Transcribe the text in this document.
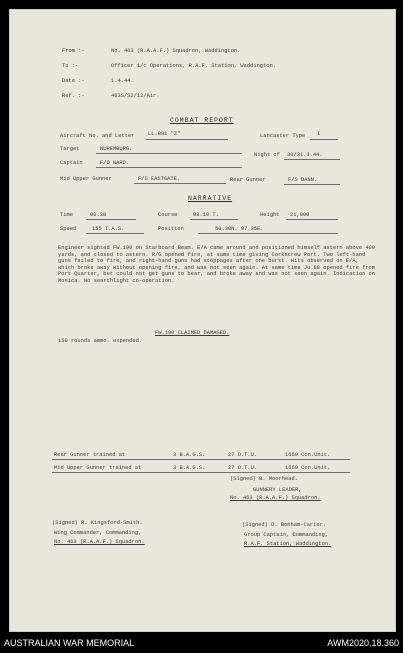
From :-	No. 463 (R.A.A.F.) Squadron, Waddington.
To :-	Officer i/c Operations, R.A.F. Station, Waddington.
Date :-	1.4.44.
Ref. :-	463S/S2/12/Air.
COMBAT REPORT
Aircraft No. and Letter	LL.881 "Z"	Lancaster Type I
Target	NUREMBURG.
Night of 30/31.3.44.
Captain	F/O WARD.
Mid Upper Gunner	F/S EASTGATE.	Rear Gunner	F/S DANN.
NARRATIVE
Time	00.30	Course	08.10 T.	Height 21,000
Speed	155 I.A.S.	Position	50.30N. 07.35E.
Engineer sighted FW.190 on Starboard Beam. E/A came around and positioned himself astern above 400 yards, and closed to astern. R/G opened fire, at same time giving Corkscrew Port. Two left-hand guns failed to fire, and right-hand guns had stoppages after one burst. Hits observed on E/A, which broke away without opening fire, and was not seen again. At same time Ju.88 opened fire from Port Quarter, but could not get guns to bear, and broke away and was not seen again. Indication on Monica. No searchlight co-operation.
FW.190 CLAIMED DAMAGED.
150 rounds ammo. expended.
Rear Gunner trained at	3 B.A.G.S.	27 O.T.U.	1660 Con.Unit.
Mid Upper Gunner trained at	3 B.A.G.S.	27 O.T.U.	1660 Con.Unit.
(Signed) B. Moorhead.
GUNNERY LEADER,
No. 463 (R.A.A.F.) Squadron.
(Signed) R. Kingsford-Smith.
Wing Commander, Commanding,
No. 463 (R.A.A.F.) Squadron.
(Signed) D. Bonham-Carter.
Group Captain, Commanding,
R.A.F. Station, Waddington.
AUSTRALIAN WAR MEMORIAL	AWM2020.18.360
